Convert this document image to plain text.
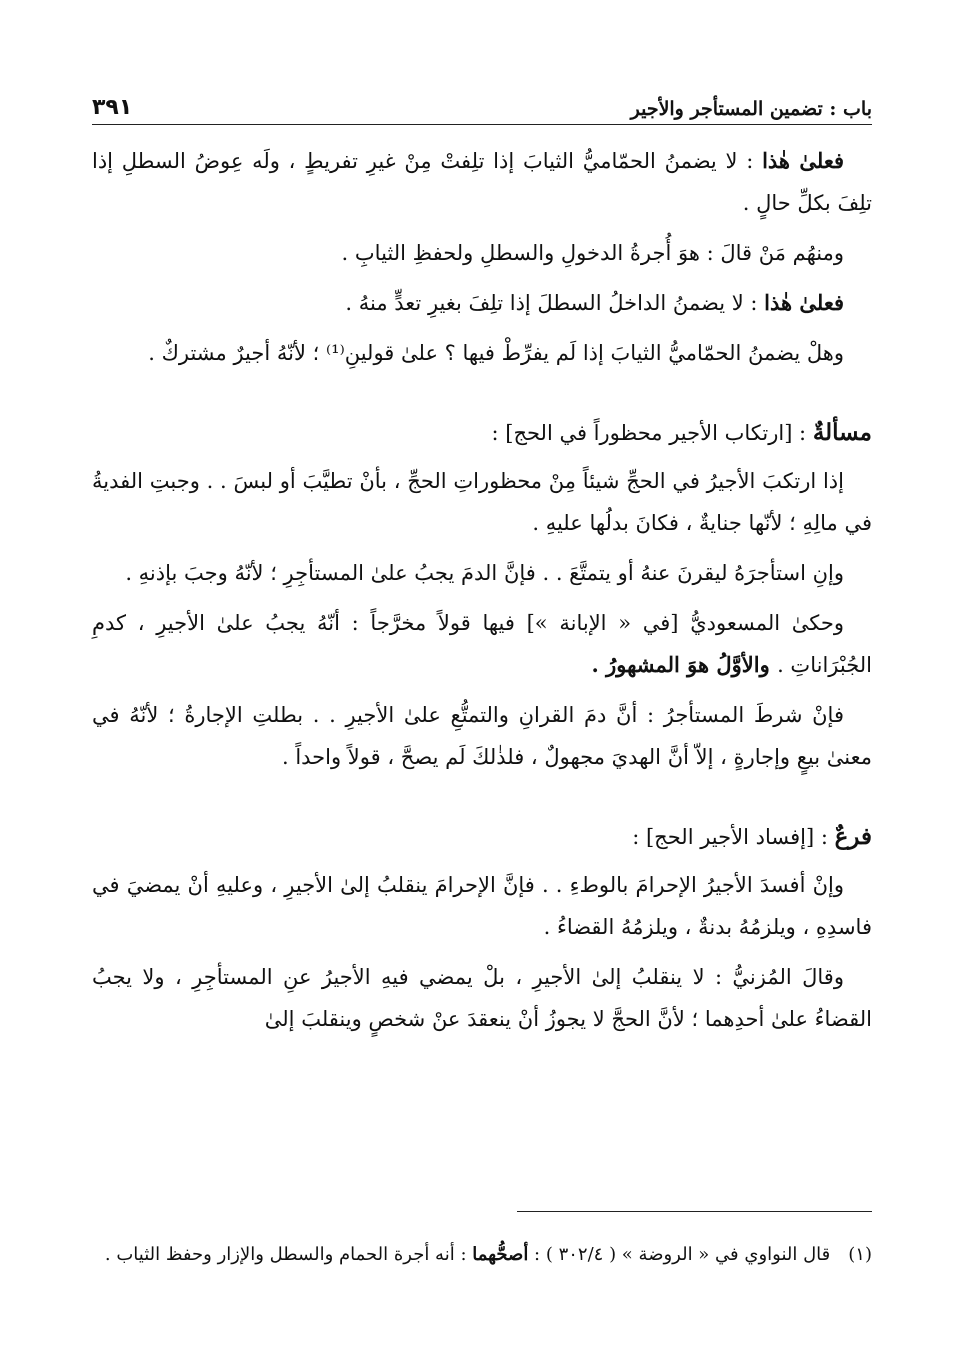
باب : تضمين المستأجر والأجير
٣٩١

فعلىٰ هٰذا : لا يضمنُ الحمّاميُّ الثيابَ إذا تلِفتْ مِنْ غيرِ تفريطٍ ، ولَه عِوضُ السطلِ إذا تلِفَ بكلِّ حالٍ .

ومنهُم مَنْ قالَ : هوَ أُجرةُ الدخولِ والسطلِ ولحفظِ الثيابِ .

فعلىٰ هٰذا : لا يضمنُ الداخلُ السطلَ إذا تلِفَ بغيرِ تعدٍّ منهُ .

وهلْ يضمنُ الحمّاميُّ الثيابَ إذا لَم يفرِّطْ فيها ؟ علىٰ قولينِ⁽¹⁾ ؛ لأنّهُ أجيرٌ مشتركٌ .

مسألةٌ : [ارتكاب الأجير محظوراً في الحج] :

إذا ارتكبَ الأجيرُ في الحجِّ شيئاً مِنْ محظوراتِ الحجِّ ، بأنْ تطيَّبَ أو لبسَ . . وجبتِ الفديةُ في مالِهِ ؛ لأنّها جنايةٌ ، فكانَ بدلُها عليهِ .

وإنِ استأجرَهُ ليقرنَ عنهُ أو يتمتَّعَ . . فإنَّ الدمَ يجبُ علىٰ المستأجِرِ ؛ لأنّهُ وجبَ بإذنهِ .

وحكىٰ المسعوديُّ [في « الإبانة »] فيها قولاً مخرَّجاً : أنّهُ يجبُ علىٰ الأجيرِ ، كدمِ الجُبْرَاناتِ . والأوَّلُ هوَ المشهورُ .

فإنْ شرطَ المستأجرُ : أنَّ دمَ القرانِ والتمتُّعِ علىٰ الأجيرِ . . بطلتِ الإجارةُ ؛ لأنّهُ في معنىٰ بيعٍ وإجارةٍ ، إلاّ أنَّ الهديَ مجهولٌ ، فلذٰلكَ لَم يصحَّ ، قولاً واحداً .

فرعٌ : [إفساد الأجير الحج] :

وإنْ أفسدَ الأجيرُ الإحرامَ بالوطءِ . . فإنَّ الإحرامَ ينقلبُ إلىٰ الأجيرِ ، وعليهِ أنْ يمضيَ في فاسدِهِ ، ويلزمُهُ بدنةٌ ، ويلزمُهُ القضاءُ .

وقالَ المُزنيُّ : لا ينقلبُ إلىٰ الأجيرِ ، بلْ يمضي فيهِ الأجيرُ عنِ المستأجِرِ ، ولا يجبُ القضاءُ علىٰ أحدِهما ؛ لأنَّ الحجَّ لا يجوزُ أنْ ينعقدَ عنْ شخصٍ وينقلبَ إلىٰ

(١)قال النواوي في « الروضة » ( ٣٠٢/٤ ) : أصحُّهما : أنه أجرة الحمام والسطل والإزار وحفظ الثياب .
